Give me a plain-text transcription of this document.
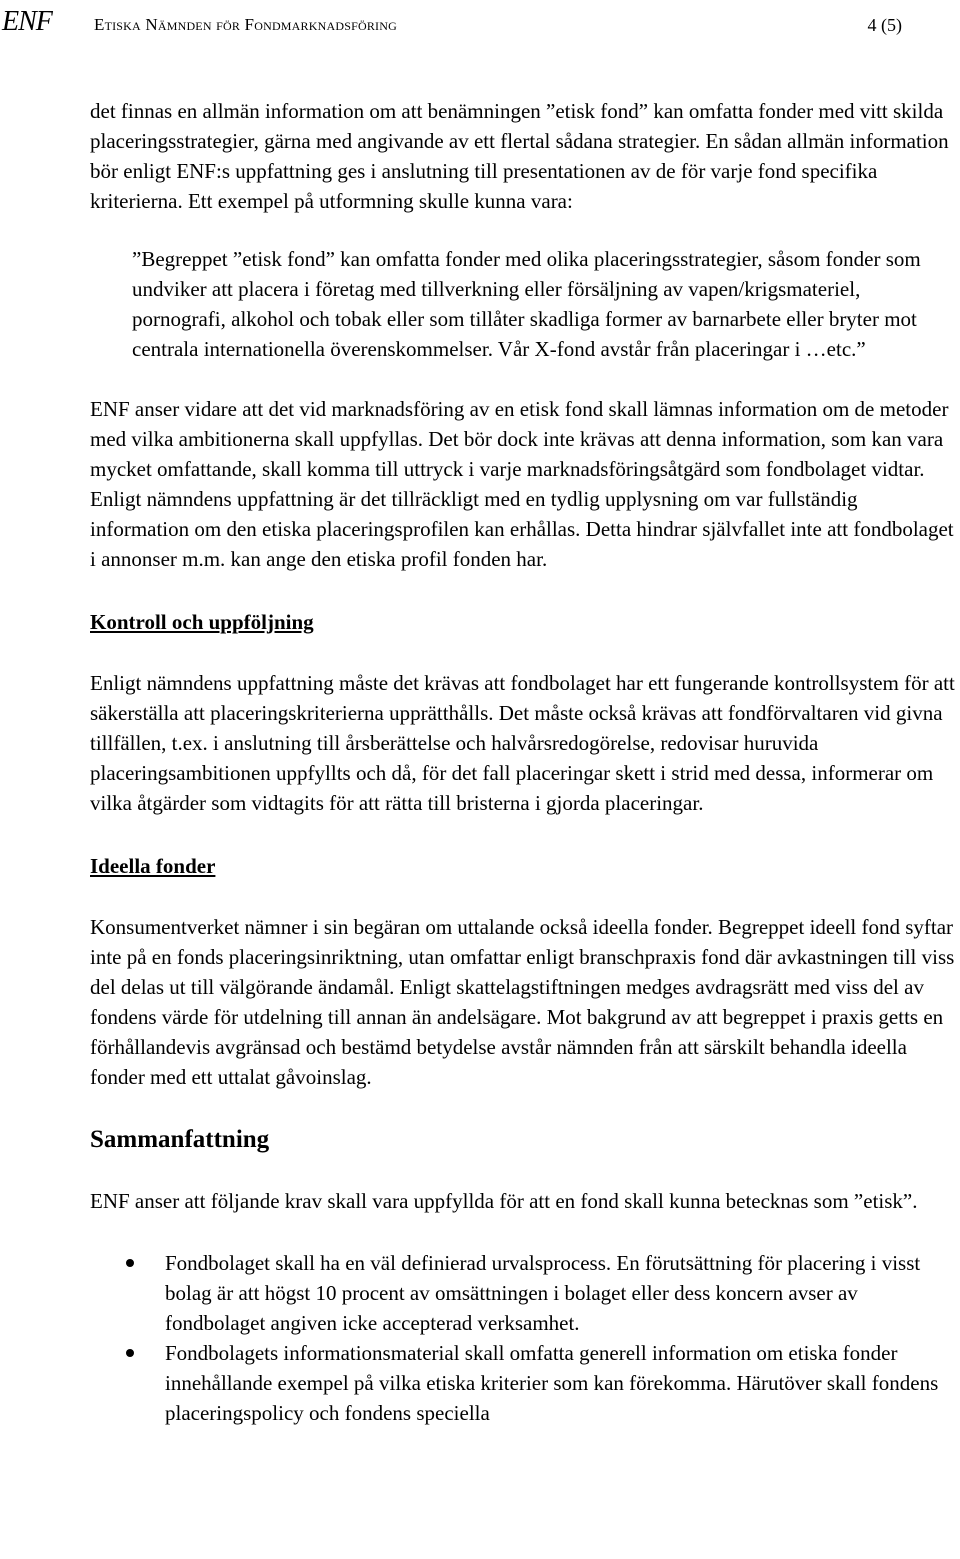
ENF Etiska Nämnden för Fondmarknadsföring	4 (5)

det finnas en allmän information om att benämningen ”etisk fond” kan omfatta fonder med vitt skilda placeringsstrategier, gärna med angivande av ett flertal sådana strategier. En sådan allmän information bör enligt ENF:s uppfattning ges i anslutning till presentationen av de för varje fond specifika kriterierna. Ett exempel på utformning skulle kunna vara:

”Begreppet ”etisk fond” kan omfatta fonder med olika placeringsstrategier, såsom fonder som undviker att placera i företag med tillverkning eller försäljning av vapen/krigsmateriel, pornografi, alkohol och tobak eller som tillåter skadliga former av barnarbete eller bryter mot centrala internationella överenskommelser. Vår X-fond avstår från placeringar i …etc.”

ENF anser vidare att det vid marknadsföring av en etisk fond skall lämnas information om de metoder med vilka ambitionerna skall uppfyllas. Det bör dock inte krävas att denna information, som kan vara mycket omfattande, skall komma till uttryck i varje marknadsföringsåtgärd som fondbolaget vidtar. Enligt nämndens uppfattning är det tillräckligt med en tydlig upplysning om var fullständig information om den etiska placeringsprofilen kan erhållas. Detta hindrar självfallet inte att fondbolaget i annonser m.m. kan ange den etiska profil fonden har.

Kontroll och uppföljning

Enligt nämndens uppfattning måste det krävas att fondbolaget har ett fungerande kontrollsystem för att säkerställa att placeringskriterierna upprätthålls. Det måste också krävas att fondförvaltaren vid givna tillfällen, t.ex. i anslutning till årsberättelse och halvårsredogörelse, redovisar huruvida placeringsambitionen uppfyllts och då, för det fall placeringar skett i strid med dessa, informerar om vilka åtgärder som vidtagits för att rätta till bristerna i gjorda placeringar.

Ideella fonder

Konsumentverket nämner i sin begäran om uttalande också ideella fonder. Begreppet ideell fond syftar inte på en fonds placeringsinriktning, utan omfattar enligt branschpraxis fond där avkastningen till viss del delas ut till välgörande ändamål. Enligt skattelagstiftningen medges avdragsrätt med viss del av fondens värde för utdelning till annan än andelsägare. Mot bakgrund av att begreppet i praxis getts en förhållandevis avgränsad och bestämd betydelse avstår nämnden från att särskilt behandla ideella fonder med ett uttalat gåvoinslag.

Sammanfattning

ENF anser att följande krav skall vara uppfyllda för att en fond skall kunna betecknas som ”etisk”.

Fondbolaget skall ha en väl definierad urvalsprocess. En förutsättning för placering i visst bolag är att högst 10 procent av omsättningen i bolaget eller dess koncern avser av fondbolaget angiven icke accepterad verksamhet.
Fondbolagets informationsmaterial skall omfatta generell information om etiska fonder innehållande exempel på vilka etiska kriterier som kan förekomma. Härutöver skall fondens placeringspolicy och fondens speciella
